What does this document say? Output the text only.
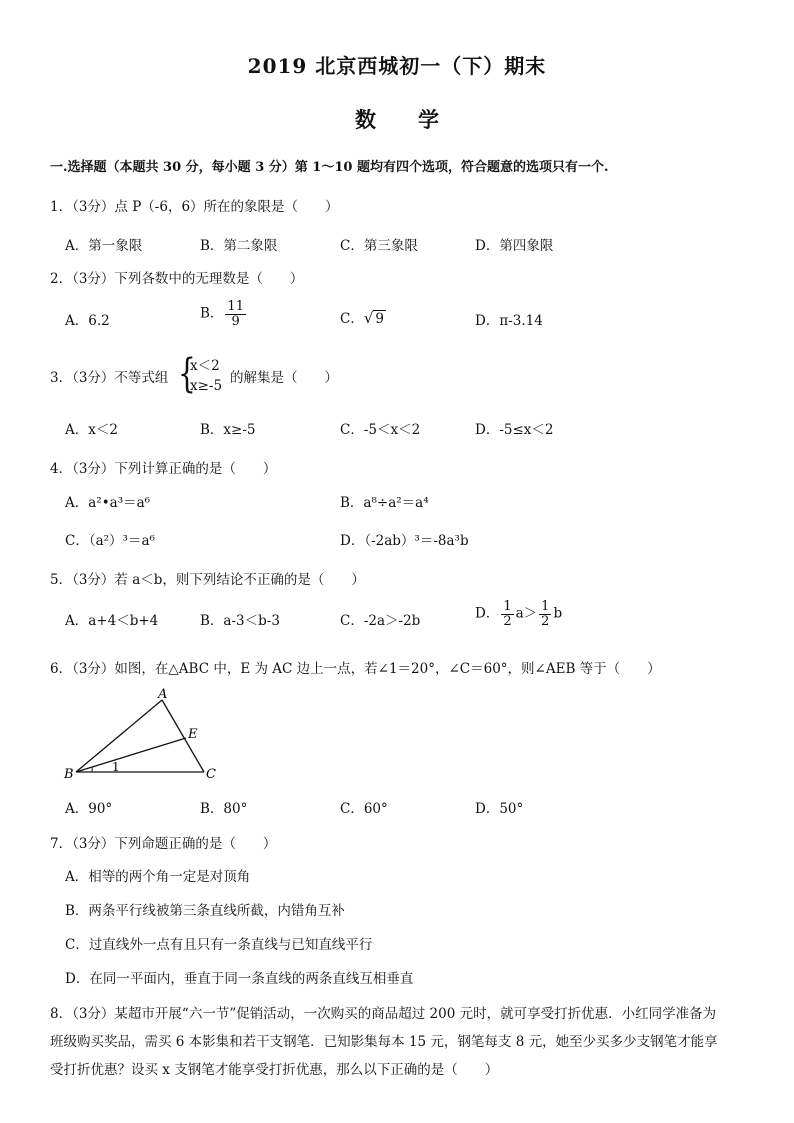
2019 北京西城初一（下）期末
数　　学
一.选择题（本题共 30 分，每小题 3 分）第 1～10 题均有四个选项，符合题意的选项只有一个.
1．（3分）点 P（-6，6）所在的象限是（　　）
A．第一象限	B．第二象限	C．第三象限	D．第四象限
2．（3分）下列各数中的无理数是（　　）
A．6.2	B． $\frac{11}{9}$	C．√ 9	D．π-3.14
3．（3分）不等式组 {
x＜2
x≥-5 的解集是（　　）
A．x＜2	B．x≥-5	C．-5＜x＜2	D．-5≤x＜2
4．（3分）下列计算正确的是（　　）
A．a²•a³＝a⁶	B．a⁸÷a²＝a⁴
C．（a²）³＝a⁶	D．（-2ab）³＝-8a³b
5．（3分）若 a＜b，则下列结论不正确的是（　　）
A．a+4＜b+4	B．a-3＜b-3	C．-2a＞-2b	D． $\frac{1}{2} a> \frac{1}{2}$ b
6．（3分）如图，在△ABC 中，E 为 AC 边上一点，若∠1＝20°，∠C＝60°，则∠AEB 等于（　　）
A
B	C
E
1
A．90°	B．80°	C．60°	D．50°
7．（3分）下列命题正确的是（　　）
A．相等的两个角一定是对顶角
B．两条平行线被第三条直线所截，内错角互补
C．过直线外一点有且只有一条直线与已知直线平行
D．在同一平面内，垂直于同一条直线的两条直线互相垂直
8．（3分）某超市开展“六一节”促销活动，一次购买的商品超过 200 元时，就可享受打折优惠．小红同学准备为
班级购买奖品，需买 6 本影集和若干支钢笔．已知影集每本 15 元，钢笔每支 8 元，她至少买多少支钢笔才能享
受打折优惠？设买 x 支钢笔才能享受打折优惠，那么以下正确的是（　　）
